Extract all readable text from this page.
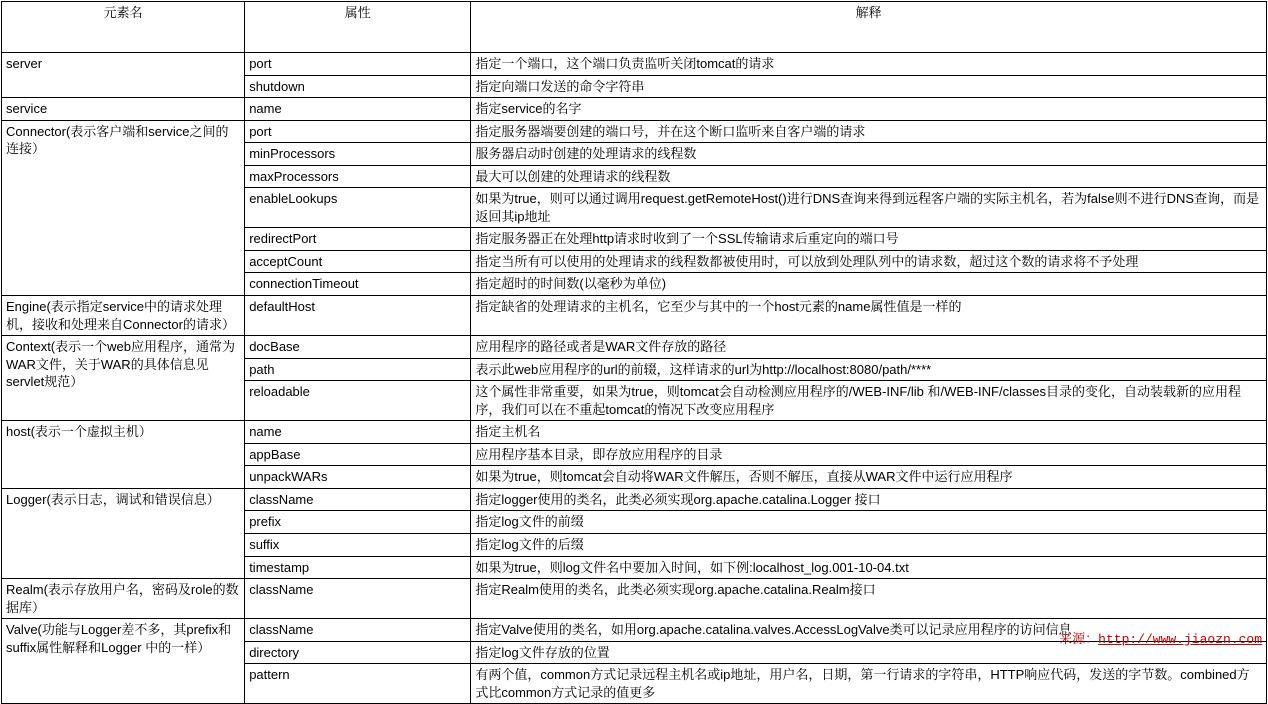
元素名	属性	解释
server	port	指定一个端口，这个端口负责监听关闭tomcat的请求
	shutdown	指定向端口发送的命令字符串
service	name	指定service的名字
Connector(表示客户端和service之间的连接）	port	指定服务器端要创建的端口号，并在这个断口监听来自客户端的请求
	minProcessors	服务器启动时创建的处理请求的线程数
	maxProcessors	最大可以创建的处理请求的线程数
	enableLookups	如果为true，则可以通过调用request.getRemoteHost()进行DNS查询来得到远程客户端的实际主机名，若为false则不进行DNS查询，而是返回其ip地址
	redirectPort	指定服务器正在处理http请求时收到了一个SSL传输请求后重定向的端口号
	acceptCount	指定当所有可以使用的处理请求的线程数都被使用时，可以放到处理队列中的请求数，超过这个数的请求将不予处理
	connectionTimeout	指定超时的时间数(以毫秒为单位)
Engine(表示指定service中的请求处理机，接收和处理来自Connector的请求）	defaultHost	指定缺省的处理请求的主机名，它至少与其中的一个host元素的name属性值是一样的
Context(表示一个web应用程序，通常为WAR文件，关于WAR的具体信息见servlet规范）	docBase	应用程序的路径或者是WAR文件存放的路径
	path	表示此web应用程序的url的前辍，这样请求的url为http://localhost:8080/path/****
	reloadable	这个属性非常重要，如果为true，则tomcat会自动检测应用程序的/WEB-INF/lib 和/WEB-INF/classes目录的变化，自动装载新的应用程序，我们可以在不重起tomcat的惰况下改变应用程序
host(表示一个虚拟主机）	name	指定主机名
	appBase	应用程序基本目录，即存放应用程序的目录
	unpackWARs	如果为true，则tomcat会自动将WAR文件解压，否则不解压，直接从WAR文件中运行应用程序
Logger(表示日志，调试和错误信息）	className	指定logger使用的类名，此类必须实现org.apache.catalina.Logger 接口
	prefix	指定log文件的前缀
	suffix	指定log文件的后缀
	timestamp	如果为true，则log文件名中要加入时间，如下例:localhost_log.001-10-04.txt
Realm(表示存放用户名，密码及role的数据库）	className	指定Realm使用的类名，此类必须实现org.apache.catalina.Realm接口
Valve(功能与Logger差不多，其prefix和suffix属性解释和Logger 中的一样）	className	指定Valve使用的类名，如用org.apache.catalina.valves.AccessLogValve类可以记录应用程序的访问信息
	directory	指定log文件存放的位置
	pattern	有两个值，common方式记录远程主机名或ip地址，用户名，日期，第一行请求的字符串，HTTP响应代码，发送的字节数。combined方式比common方式记录的值更多
来源：http://www.jiaozn.com
